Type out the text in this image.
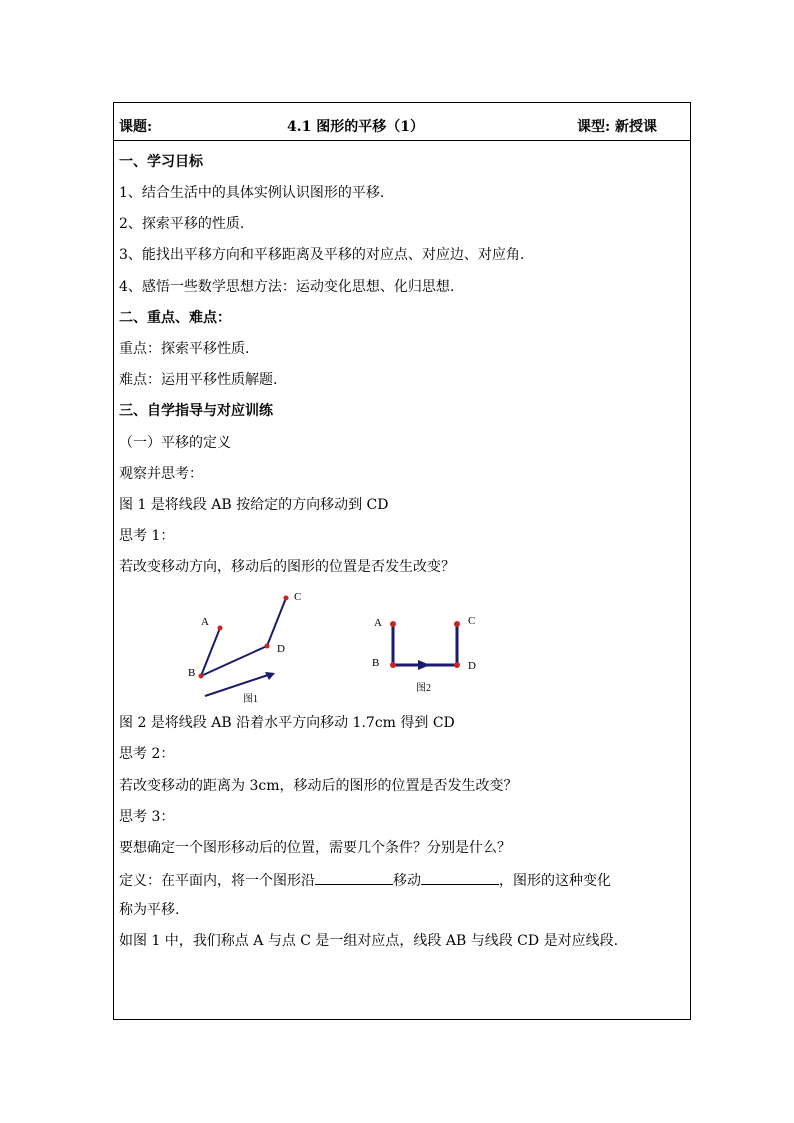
课题:	4.1 图形的平移（1）	课型: 新授课
一、学习目标
1、结合生活中的具体实例认识图形的平移.
2、探索平移的性质.
3、能找出平移方向和平移距离及平移的对应点、对应边、对应角.
4、感悟一些数学思想方法：运动变化思想、化归思想.
二、重点、难点：
重点：探索平移性质.
难点：运用平移性质解题.
三、自学指导与对应训练
（一）平移的定义
观察并思考：
图 1 是将线段 AB 按给定的方向移动到 CD
思考 1：
若改变移动方向，移动后的图形的位置是否发生改变？
A
B
C
D
图1
A
B
C
D
图2
图 2 是将线段 AB 沿着水平方向移动 1.7cm 得到 CD
思考 2：
若改变移动的距离为 3cm，移动后的图形的位置是否发生改变？
思考 3：
要想确定一个图形移动后的位置，需要几个条件？分别是什么？
定义：在平面内，将一个图形沿	移动	，图形的这种变化
称为平移.
如图 1 中，我们称点 A 与点 C 是一组对应点，线段 AB 与线段 CD 是对应线段.
